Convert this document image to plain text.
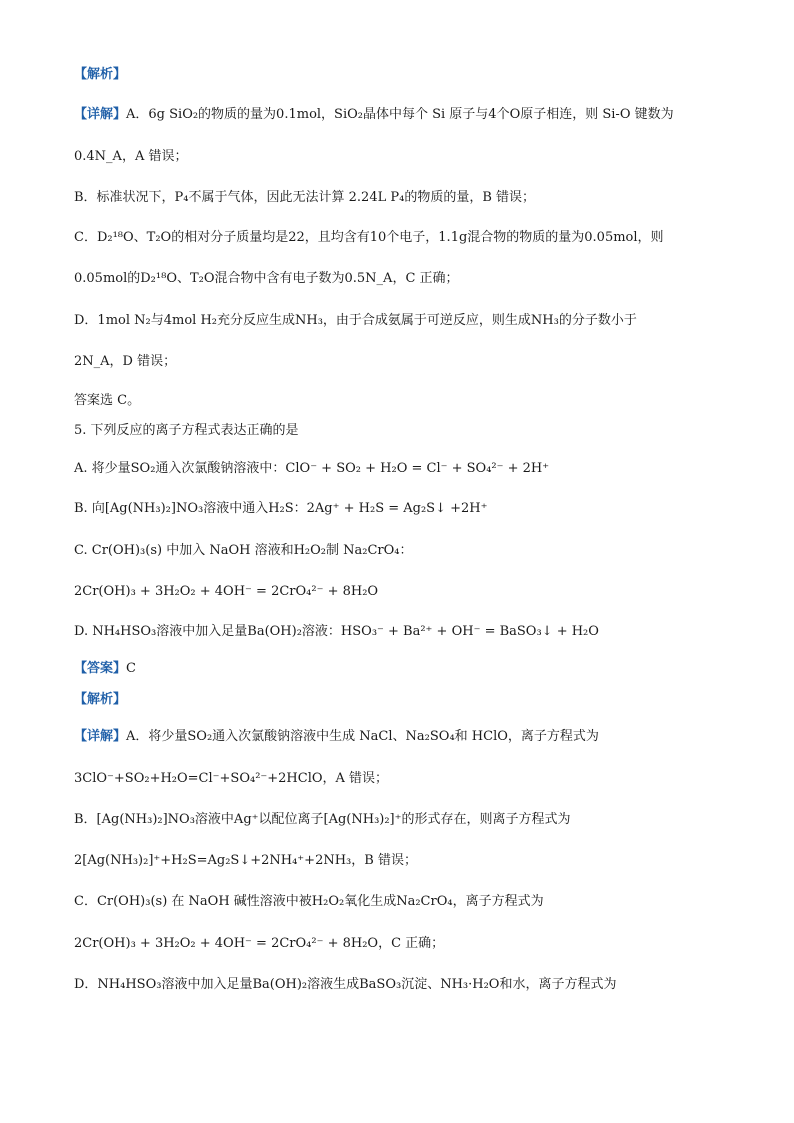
【解析】
【详解】A．6g SiO₂的物质的量为0.1mol，SiO₂晶体中每个 Si 原子与4个O原子相连，则 Si-O 键数为
0.4N_A，A 错误；
B．标准状况下，P₄不属于气体，因此无法计算 2.24L P₄的物质的量，B 错误；
C．D₂¹⁸O、T₂O的相对分子质量均是22，且均含有10个电子，1.1g混合物的物质的量为0.05mol，则
0.05mol的D₂¹⁸O、T₂O混合物中含有电子数为0.5N_A，C 正确；
D．1mol N₂与4mol H₂充分反应生成NH₃，由于合成氨属于可逆反应，则生成NH₃的分子数小于
2N_A，D 错误；
答案选 C。
5. 下列反应的离子方程式表达正确的是
A. 将少量SO₂通入次氯酸钠溶液中：ClO⁻ + SO₂ + H₂O = Cl⁻ + SO₄²⁻ + 2H⁺
B. 向[Ag(NH₃)₂]NO₃溶液中通入H₂S：2Ag⁺ + H₂S = Ag₂S↓ +2H⁺
C. Cr(OH)₃(s) 中加入 NaOH 溶液和H₂O₂制 Na₂CrO₄：
2Cr(OH)₃ + 3H₂O₂ + 4OH⁻ = 2CrO₄²⁻ + 8H₂O
D. NH₄HSO₃溶液中加入足量Ba(OH)₂溶液：HSO₃⁻ + Ba²⁺ + OH⁻ = BaSO₃↓ + H₂O
【答案】C
【解析】
【详解】A．将少量SO₂通入次氯酸钠溶液中生成 NaCl、Na₂SO₄和 HClO，离子方程式为
3ClO⁻+SO₂+H₂O=Cl⁻+SO₄²⁻+2HClO，A 错误；
B．[Ag(NH₃)₂]NO₃溶液中Ag⁺以配位离子[Ag(NH₃)₂]⁺的形式存在，则离子方程式为
2[Ag(NH₃)₂]⁺+H₂S=Ag₂S↓+2NH₄⁺+2NH₃，B 错误；
C．Cr(OH)₃(s) 在 NaOH 碱性溶液中被H₂O₂氧化生成Na₂CrO₄，离子方程式为
2Cr(OH)₃ + 3H₂O₂ + 4OH⁻ = 2CrO₄²⁻ + 8H₂O，C 正确；
D．NH₄HSO₃溶液中加入足量Ba(OH)₂溶液生成BaSO₃沉淀、NH₃·H₂O和水，离子方程式为
